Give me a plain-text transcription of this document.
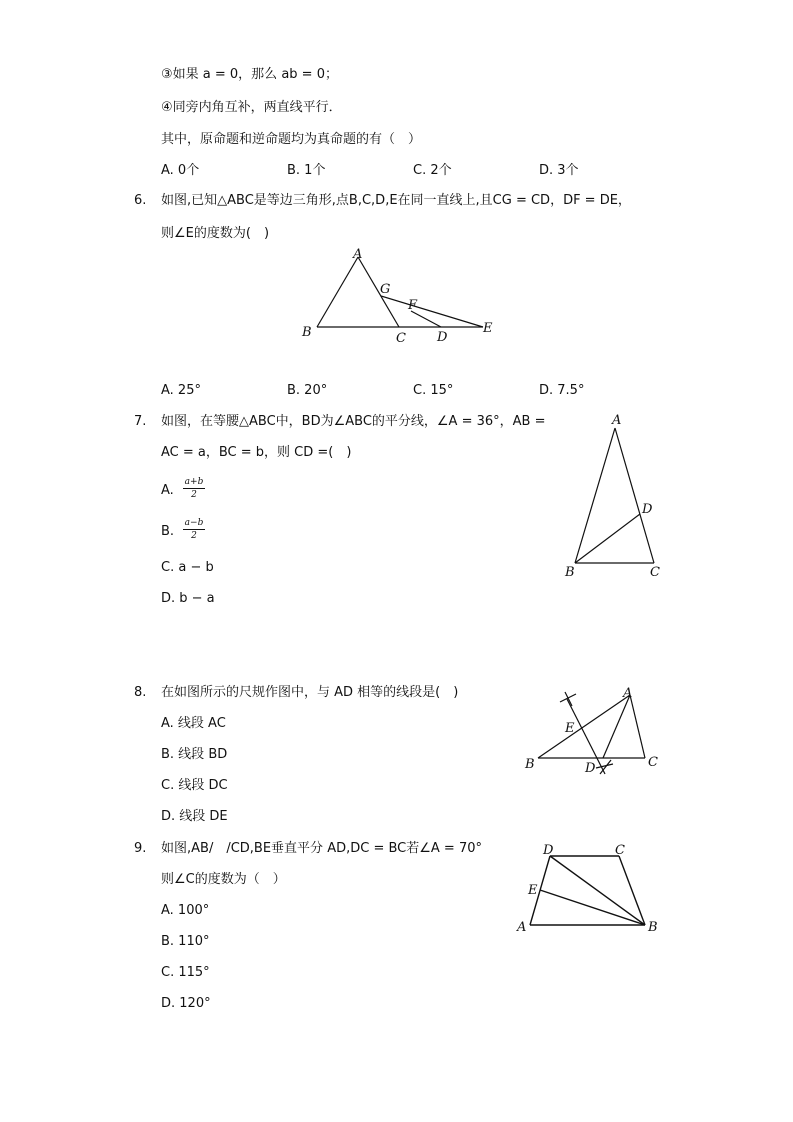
③如果 a = 0，那么 ab = 0；
④同旁内角互补，两直线平行．
其中，原命题和逆命题均为真命题的有（　）
A. 0个	B. 1个	C. 2个	D. 3个
6. 如图,已知△ABC是等边三角形,点B,C,D,E在同一直线上,且CG = CD，DF = DE，
则∠E的度数为(　)
A
G
F
B	C D
E
A. 25°	B. 20°	C. 15°	D. 7.5°
7. 如图，在等腰△ABC中，BD为∠ABC的平分线，∠A = 36°，AB =
AC = a，BC = b，则 CD =(　)
A.
a+b
2
B.
a−b
2
C. a − b
D. b − a
A
D
B	C
8. 在如图所示的尺规作图中，与 AD 相等的线段是(　)
A. 线段 AC
B. 线段 BD
C. 线段 DC
D. 线段 DE
A
E
B	D	C
9. 如图,AB/　/CD,BE垂直平分 AD,DC = BC若∠A = 70°
则∠C的度数为（　）
A. 100°
B. 110°
C. 115°
D. 120°
D	C
E
A	B
